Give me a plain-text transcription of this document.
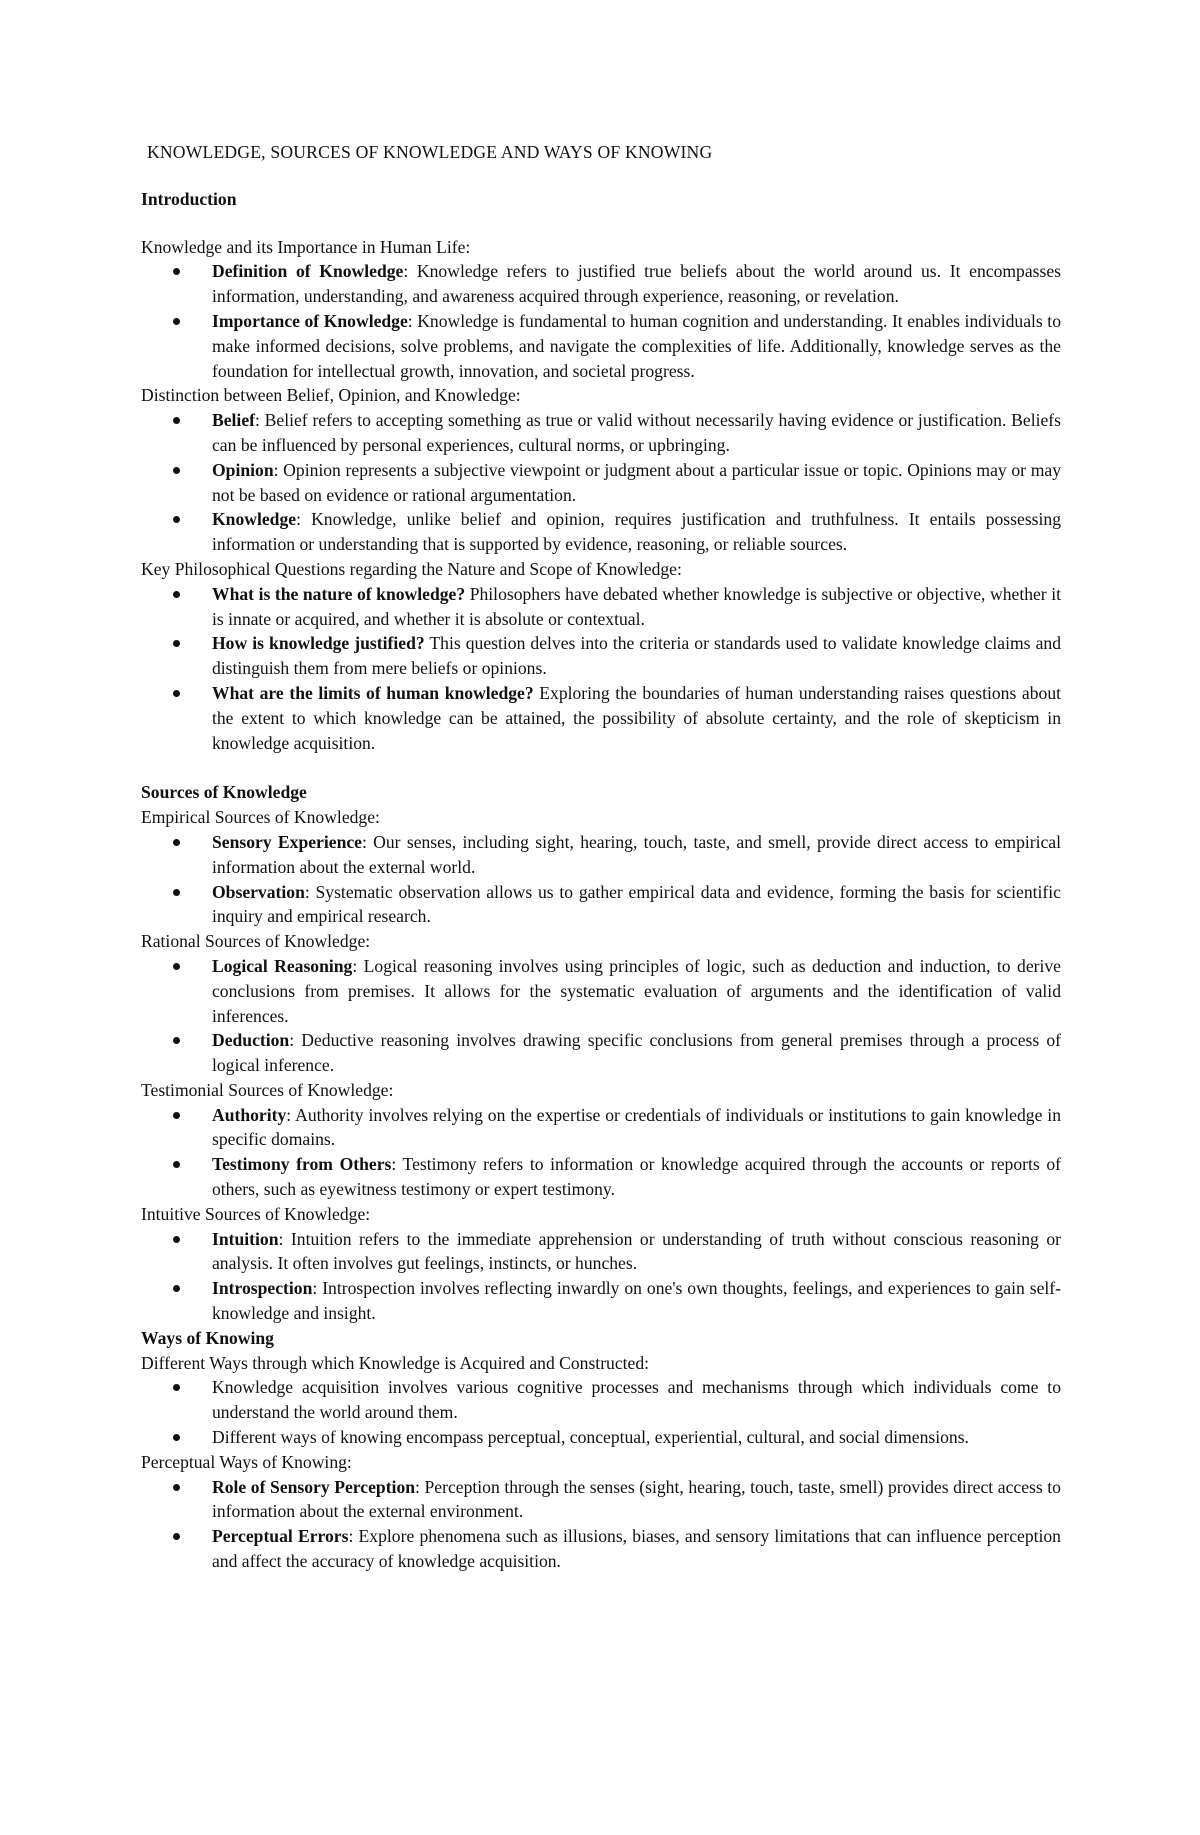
KNOWLEDGE, SOURCES OF KNOWLEDGE AND WAYS OF KNOWING
Introduction
Knowledge and its Importance in Human Life:
Definition of Knowledge: Knowledge refers to justified true beliefs about the world around us. It encompasses information, understanding, and awareness acquired through experience, reasoning, or revelation.
Importance of Knowledge: Knowledge is fundamental to human cognition and understanding. It enables individuals to make informed decisions, solve problems, and navigate the complexities of life. Additionally, knowledge serves as the foundation for intellectual growth, innovation, and societal progress.
Distinction between Belief, Opinion, and Knowledge:
Belief: Belief refers to accepting something as true or valid without necessarily having evidence or justification. Beliefs can be influenced by personal experiences, cultural norms, or upbringing.
Opinion: Opinion represents a subjective viewpoint or judgment about a particular issue or topic. Opinions may or may not be based on evidence or rational argumentation.
Knowledge: Knowledge, unlike belief and opinion, requires justification and truthfulness. It entails possessing information or understanding that is supported by evidence, reasoning, or reliable sources.
Key Philosophical Questions regarding the Nature and Scope of Knowledge:
What is the nature of knowledge? Philosophers have debated whether knowledge is subjective or objective, whether it is innate or acquired, and whether it is absolute or contextual.
How is knowledge justified? This question delves into the criteria or standards used to validate knowledge claims and distinguish them from mere beliefs or opinions.
What are the limits of human knowledge? Exploring the boundaries of human understanding raises questions about the extent to which knowledge can be attained, the possibility of absolute certainty, and the role of skepticism in knowledge acquisition.
Sources of Knowledge
Empirical Sources of Knowledge:
Sensory Experience: Our senses, including sight, hearing, touch, taste, and smell, provide direct access to empirical information about the external world.
Observation: Systematic observation allows us to gather empirical data and evidence, forming the basis for scientific inquiry and empirical research.
Rational Sources of Knowledge:
Logical Reasoning: Logical reasoning involves using principles of logic, such as deduction and induction, to derive conclusions from premises. It allows for the systematic evaluation of arguments and the identification of valid inferences.
Deduction: Deductive reasoning involves drawing specific conclusions from general premises through a process of logical inference.
Testimonial Sources of Knowledge:
Authority: Authority involves relying on the expertise or credentials of individuals or institutions to gain knowledge in specific domains.
Testimony from Others: Testimony refers to information or knowledge acquired through the accounts or reports of others, such as eyewitness testimony or expert testimony.
Intuitive Sources of Knowledge:
Intuition: Intuition refers to the immediate apprehension or understanding of truth without conscious reasoning or analysis. It often involves gut feelings, instincts, or hunches.
Introspection: Introspection involves reflecting inwardly on one's own thoughts, feelings, and experiences to gain self-knowledge and insight.
Ways of Knowing
Different Ways through which Knowledge is Acquired and Constructed:
Knowledge acquisition involves various cognitive processes and mechanisms through which individuals come to understand the world around them.
Different ways of knowing encompass perceptual, conceptual, experiential, cultural, and social dimensions.
Perceptual Ways of Knowing:
Role of Sensory Perception: Perception through the senses (sight, hearing, touch, taste, smell) provides direct access to information about the external environment.
Perceptual Errors: Explore phenomena such as illusions, biases, and sensory limitations that can influence perception and affect the accuracy of knowledge acquisition.
